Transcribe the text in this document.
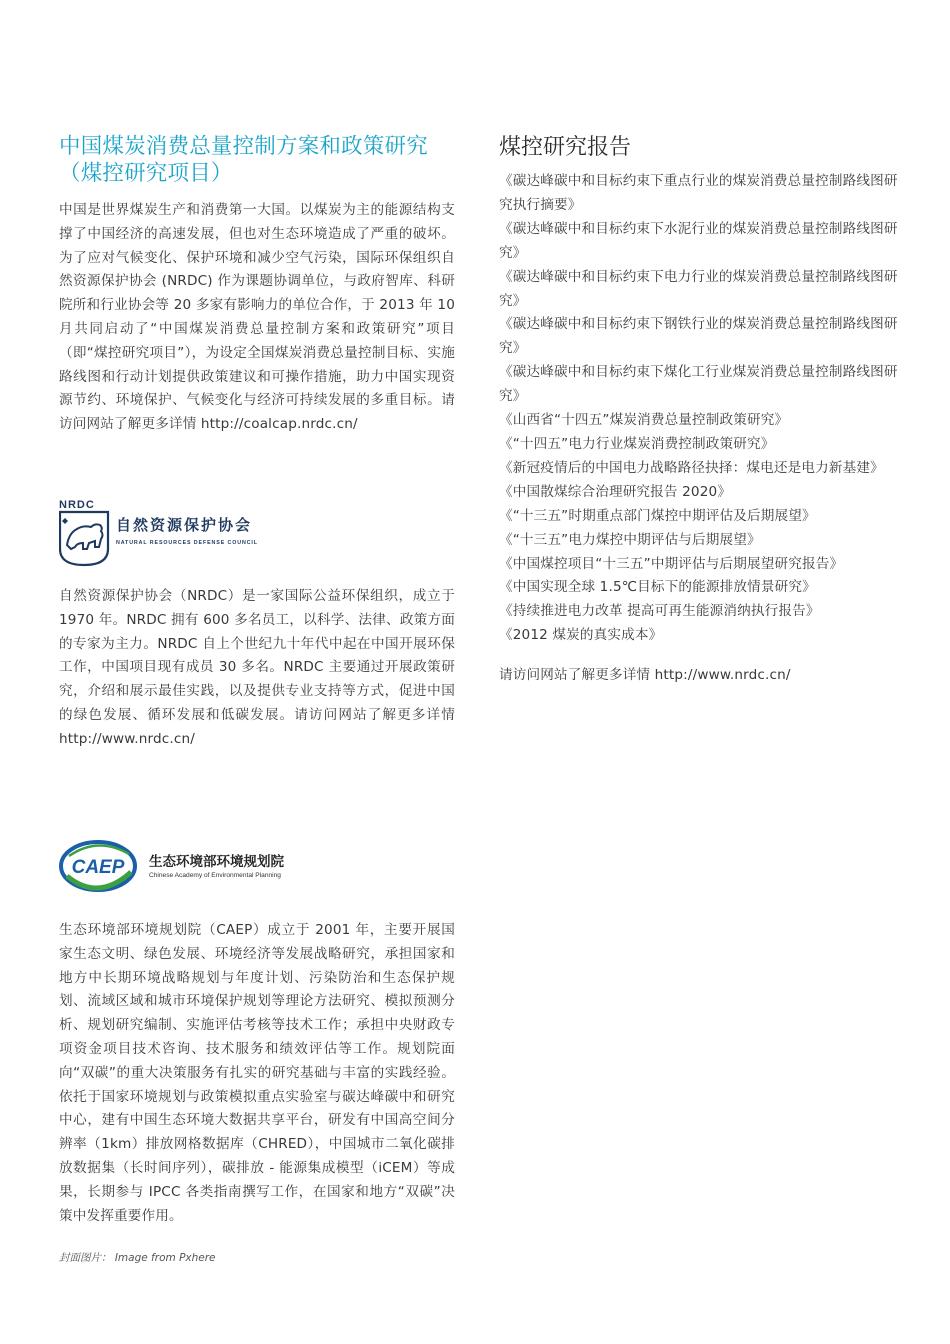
中国煤炭消费总量控制方案和政策研究
（煤控研究项目）

中国是世界煤炭生产和消费第一大国。以煤炭为主的能源结构支撑了中国经济的高速发展，但也对生态环境造成了严重的破坏。为了应对气候变化、保护环境和减少空气污染，国际环保组织自然资源保护协会 (NRDC) 作为课题协调单位，与政府智库、科研院所和行业协会等 20 多家有影响力的单位合作，于 2013 年 10 月共同启动了“中国煤炭消费总量控制方案和政策研究”项目（即“煤控研究项目”），为设定全国煤炭消费总量控制目标、实施路线图和行动计划提供政策建议和可操作措施，助力中国实现资源节约、环境保护、气候变化与经济可持续发展的多重目标。请访问网站了解更多详情 http://coalcap.nrdc.cn/

NRDC
自然资源保护协会
NATURAL RESOURCES DEFENSE COUNCIL

自然资源保护协会（NRDC）是一家国际公益环保组织，成立于 1970 年。NRDC 拥有 600 多名员工，以科学、法律、政策方面的专家为主力。NRDC 自上个世纪九十年代中起在中国开展环保工作，中国项目现有成员 30 多名。NRDC 主要通过开展政策研究，介绍和展示最佳实践，以及提供专业支持等方式，促进中国的绿色发展、循环发展和低碳发展。请访问网站了解更多详情 http://www.nrdc.cn/

CAEP 生态环境部环境规划院
Chinese Academy of Environmental Planning

生态环境部环境规划院（CAEP）成立于 2001 年，主要开展国家生态文明、绿色发展、环境经济等发展战略研究，承担国家和地方中长期环境战略规划与年度计划、污染防治和生态保护规划、流域区域和城市环境保护规划等理论方法研究、模拟预测分析、规划研究编制、实施评估考核等技术工作；承担中央财政专项资金项目技术咨询、技术服务和绩效评估等工作。规划院面向“双碳”的重大决策服务有扎实的研究基础与丰富的实践经验。依托于国家环境规划与政策模拟重点实验室与碳达峰碳中和研究中心，建有中国生态环境大数据共享平台，研发有中国高空间分辨率（1km）排放网格数据库（CHRED），中国城市二氧化碳排放数据集（长时间序列），碳排放 - 能源集成模型（iCEM）等成果，长期参与 IPCC 各类指南撰写工作，在国家和地方“双碳”决策中发挥重要作用。

封面图片： Image from Pxhere

煤控研究报告
《碳达峰碳中和目标约束下重点行业的煤炭消费总量控制路线图研究执行摘要》
《碳达峰碳中和目标约束下水泥行业的煤炭消费总量控制路线图研究》
《碳达峰碳中和目标约束下电力行业的煤炭消费总量控制路线图研究》
《碳达峰碳中和目标约束下钢铁行业的煤炭消费总量控制路线图研究》
《碳达峰碳中和目标约束下煤化工行业煤炭消费总量控制路线图研究》
《山西省“十四五”煤炭消费总量控制政策研究》
《“十四五”电力行业煤炭消费控制政策研究》
《新冠疫情后的中国电力战略路径抉择：煤电还是电力新基建》
《中国散煤综合治理研究报告 2020》
《“十三五”时期重点部门煤控中期评估及后期展望》
《“十三五”电力煤控中期评估与后期展望》
《中国煤控项目“十三五”中期评估与后期展望研究报告》
《中国实现全球 1.5℃目标下的能源排放情景研究》
《持续推进电力改革 提高可再生能源消纳执行报告》
《2012 煤炭的真实成本》

请访问网站了解更多详情 http://www.nrdc.cn/
